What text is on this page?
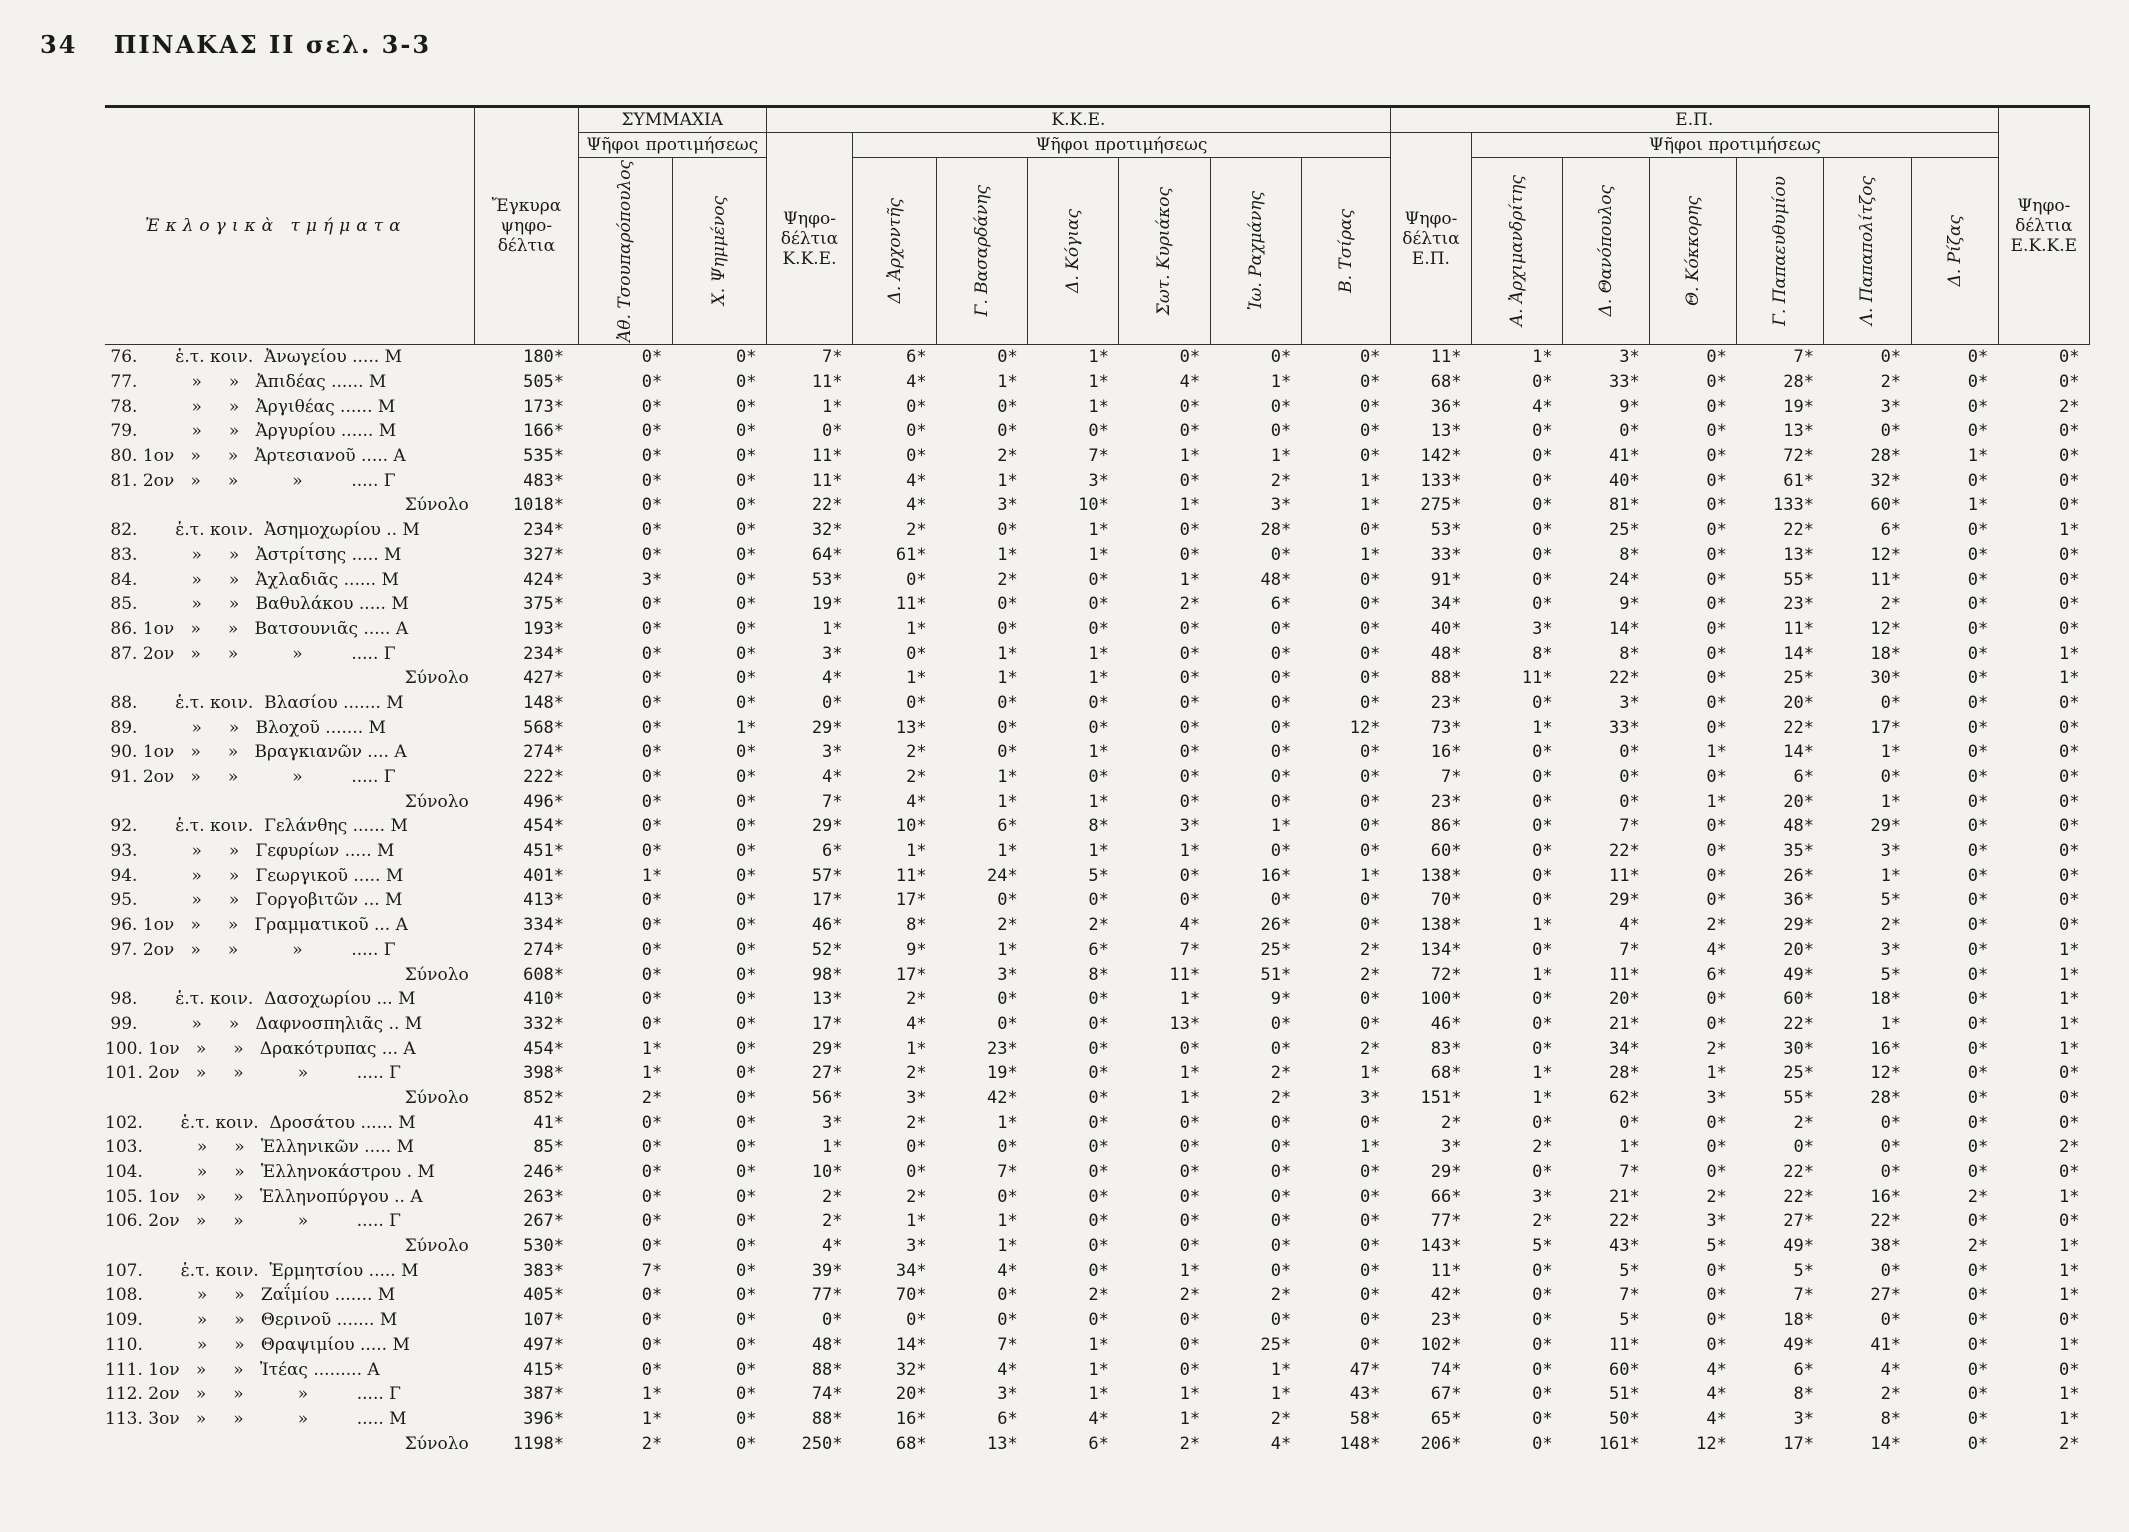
34 ΠΙΝΑΚΑΣ ΙΙ σελ. 3-3
Ἐκλογικὰ τμήματα	Ἔγκυρα ψηφο-δέλτια	ΣΥΜΜΑΧΙΑ		Κ.Κ.Ε.							Ε.Π.							Ψηφο-δέλτια Ε.Κ.Κ.Ε
		Ψῆφοι προτιμήσεως		Ψηφο-δέλτια Κ.Κ.Ε.	Ψῆφοι προτιμήσεως						Ψηφο-δέλτια Ε.Π.	Ψῆφοι προτιμήσεως						

		Ἀθ. Τσουπαρόπουλος	Χ. Ψημμένος		Δ. Ἀρχοντῆς	Γ. Βασαρδάνης	Δ. Κόγιας	Σωτ. Κυριάκος	Ἰω. Ραχμάνης	Β. Τσίρας		Α. Ἀρχιμανδρίτης	Δ. Θανόπουλος	Θ. Κόκκορης	Γ. Παπαευθυμίου	Λ. Παπαπολίτζος	Δ. Ρίζας	

76.       ἑ.τ. κοιν.  Ἀνωγείου ..... Μ	180*	0*	0*	7*	6*	0*	1*	0*	0*	0*	11*	1*	3*	0*	7*	0*	0*	0*
77.          »     »   Ἀπιδέας ...... Μ	505*	0*	0*	11*	4*	1*	1*	4*	1*	0*	68*	0*	33*	0*	28*	2*	0*	0*
78.          »     »   Ἀργιθέας ...... Μ	173*	0*	0*	1*	0*	0*	1*	0*	0*	0*	36*	4*	9*	0*	19*	3*	0*	2*
79.          »     »   Ἀργυρίου ...... Μ	166*	0*	0*	0*	0*	0*	0*	0*	0*	0*	13*	0*	0*	0*	13*	0*	0*	0*
80. 1ον   »     »   Ἀρτεσιανοῦ ..... Α	535*	0*	0*	11*	0*	2*	7*	1*	1*	0*	142*	0*	41*	0*	72*	28*	1*	0*
81. 2ον   »     »          »         ..... Γ	483*	0*	0*	11*	4*	1*	3*	0*	2*	1*	133*	0*	40*	0*	61*	32*	0*	0*
Σύνολο	1018*	0*	0*	22*	4*	3*	10*	1*	3*	1*	275*	0*	81*	0*	133*	60*	1*	0*
82.       ἑ.τ. κοιν.  Ἀσημοχωρίου .. Μ	234*	0*	0*	32*	2*	0*	1*	0*	28*	0*	53*	0*	25*	0*	22*	6*	0*	1*
83.          »     »   Ἀστρίτσης ..... Μ	327*	0*	0*	64*	61*	1*	1*	0*	0*	1*	33*	0*	8*	0*	13*	12*	0*	0*
84.          »     »   Ἀχλαδιᾶς ...... Μ	424*	3*	0*	53*	0*	2*	0*	1*	48*	0*	91*	0*	24*	0*	55*	11*	0*	0*
85.          »     »   Βαθυλάκου ..... Μ	375*	0*	0*	19*	11*	0*	0*	2*	6*	0*	34*	0*	9*	0*	23*	2*	0*	0*
86. 1ον   »     »   Βατσουνιᾶς ..... Α	193*	0*	0*	1*	1*	0*	0*	0*	0*	0*	40*	3*	14*	0*	11*	12*	0*	0*
87. 2ον   »     »          »         ..... Γ	234*	0*	0*	3*	0*	1*	1*	0*	0*	0*	48*	8*	8*	0*	14*	18*	0*	1*
Σύνολο	427*	0*	0*	4*	1*	1*	1*	0*	0*	0*	88*	11*	22*	0*	25*	30*	0*	1*
88.       ἑ.τ. κοιν.  Βλασίου ....... Μ	148*	0*	0*	0*	0*	0*	0*	0*	0*	0*	23*	0*	3*	0*	20*	0*	0*	0*
89.          »     »   Βλοχοῦ ....... Μ	568*	0*	1*	29*	13*	0*	0*	0*	0*	12*	73*	1*	33*	0*	22*	17*	0*	0*
90. 1ον   »     »   Βραγκιανῶν .... Α	274*	0*	0*	3*	2*	0*	1*	0*	0*	0*	16*	0*	0*	1*	14*	1*	0*	0*
91. 2ον   »     »          »         ..... Γ	222*	0*	0*	4*	2*	1*	0*	0*	0*	0*	7*	0*	0*	0*	6*	0*	0*	0*
Σύνολο	496*	0*	0*	7*	4*	1*	1*	0*	0*	0*	23*	0*	0*	1*	20*	1*	0*	0*
92.       ἑ.τ. κοιν.  Γελάνθης ...... Μ	454*	0*	0*	29*	10*	6*	8*	3*	1*	0*	86*	0*	7*	0*	48*	29*	0*	0*
93.          »     »   Γεφυρίων ..... Μ	451*	0*	0*	6*	1*	1*	1*	1*	0*	0*	60*	0*	22*	0*	35*	3*	0*	0*
94.          »     »   Γεωργικοῦ ..... Μ	401*	1*	0*	57*	11*	24*	5*	0*	16*	1*	138*	0*	11*	0*	26*	1*	0*	0*
95.          »     »   Γοργοβιτῶν ... Μ	413*	0*	0*	17*	17*	0*	0*	0*	0*	0*	70*	0*	29*	0*	36*	5*	0*	0*
96. 1ον   »     »   Γραμματικοῦ ... Α	334*	0*	0*	46*	8*	2*	2*	4*	26*	0*	138*	1*	4*	2*	29*	2*	0*	0*
97. 2ον   »     »          »         ..... Γ	274*	0*	0*	52*	9*	1*	6*	7*	25*	2*	134*	0*	7*	4*	20*	3*	0*	1*
Σύνολο	608*	0*	0*	98*	17*	3*	8*	11*	51*	2*	72*	1*	11*	6*	49*	5*	0*	1*
98.       ἑ.τ. κοιν.  Δασοχωρίου ... Μ	410*	0*	0*	13*	2*	0*	0*	1*	9*	0*	100*	0*	20*	0*	60*	18*	0*	1*
99.          »     »   Δαφνοσπηλιᾶς .. Μ	332*	0*	0*	17*	4*	0*	0*	13*	0*	0*	46*	0*	21*	0*	22*	1*	0*	1*
100. 1ον   »     »   Δρακότρυπας ... Α	454*	1*	0*	29*	1*	23*	0*	0*	0*	2*	83*	0*	34*	2*	30*	16*	0*	1*
101. 2ον   »     »          »         ..... Γ	398*	1*	0*	27*	2*	19*	0*	1*	2*	1*	68*	1*	28*	1*	25*	12*	0*	0*
Σύνολο	852*	2*	0*	56*	3*	42*	0*	1*	2*	3*	151*	1*	62*	3*	55*	28*	0*	0*
102.       ἑ.τ. κοιν.  Δροσάτου ...... Μ	41*	0*	0*	3*	2*	1*	0*	0*	0*	0*	2*	0*	0*	0*	2*	0*	0*	0*
103.          »     »   Ἑλληνικῶν ..... Μ	85*	0*	0*	1*	0*	0*	0*	0*	0*	1*	3*	2*	1*	0*	0*	0*	0*	2*
104.          »     »   Ἑλληνοκάστρου . Μ	246*	0*	0*	10*	0*	7*	0*	0*	0*	0*	29*	0*	7*	0*	22*	0*	0*	0*
105. 1ον   »     »   Ἑλληνοπύργου .. Α	263*	0*	0*	2*	2*	0*	0*	0*	0*	0*	66*	3*	21*	2*	22*	16*	2*	1*
106. 2ον   »     »          »         ..... Γ	267*	0*	0*	2*	1*	1*	0*	0*	0*	0*	77*	2*	22*	3*	27*	22*	0*	0*
Σύνολο	530*	0*	0*	4*	3*	1*	0*	0*	0*	0*	143*	5*	43*	5*	49*	38*	2*	1*
107.       ἑ.τ. κοιν.  Ἑρμητσίου ..... Μ	383*	7*	0*	39*	34*	4*	0*	1*	0*	0*	11*	0*	5*	0*	5*	0*	0*	1*
108.          »     »   Ζαΐμίου ....... Μ	405*	0*	0*	77*	70*	0*	2*	2*	2*	0*	42*	0*	7*	0*	7*	27*	0*	1*
109.          »     »   Θερινοῦ ....... Μ	107*	0*	0*	0*	0*	0*	0*	0*	0*	0*	23*	0*	5*	0*	18*	0*	0*	0*
110.          »     »   Θραψιμίου ..... Μ	497*	0*	0*	48*	14*	7*	1*	0*	25*	0*	102*	0*	11*	0*	49*	41*	0*	1*
111. 1ον   »     »   Ἰτέας ......... Α	415*	0*	0*	88*	32*	4*	1*	0*	1*	47*	74*	0*	60*	4*	6*	4*	0*	0*
112. 2ον   »     »          »         ..... Γ	387*	1*	0*	74*	20*	3*	1*	1*	1*	43*	67*	0*	51*	4*	8*	2*	0*	1*
113. 3ον   »     »          »         ..... Μ	396*	1*	0*	88*	16*	6*	4*	1*	2*	58*	65*	0*	50*	4*	3*	8*	0*	1*
Σύνολο	1198*	2*	0*	250*	68*	13*	6*	2*	4*	148*	206*	0*	161*	12*	17*	14*	0*	2*
